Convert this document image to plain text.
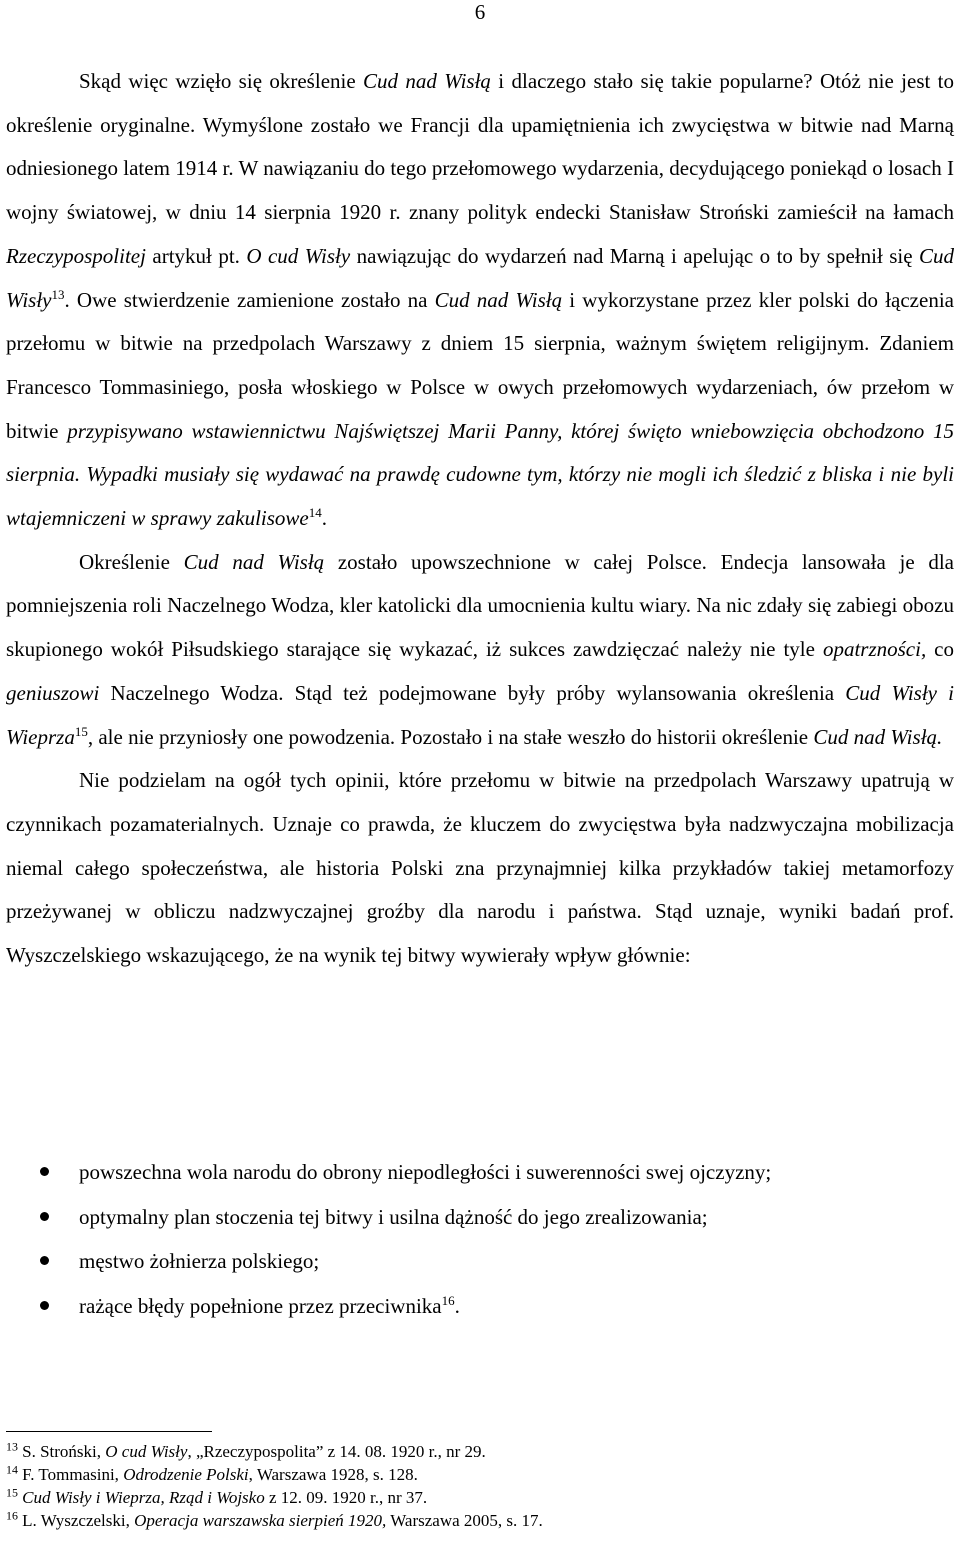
6

Skąd więc wzięło się określenie Cud nad Wisłą i dlaczego stało się takie popularne? Otóż nie jest to określenie oryginalne. Wymyślone zostało we Francji dla upamiętnienia ich zwycięstwa w bitwie nad Marną odniesionego latem 1914 r. W nawiązaniu do tego przełomowego wydarzenia, decydującego poniekąd o losach I wojny światowej, w dniu 14 sierpnia 1920 r. znany polityk endecki Stanisław Stroński zamieścił na łamach Rzeczypospolitej artykuł pt. O cud Wisły nawiązując do wydarzeń nad Marną i apelując o to by spełnił się Cud Wisły$^{13}$. Owe stwierdzenie zamienione zostało na Cud nad Wisłą i wykorzystane przez kler polski do łączenia przełomu w bitwie na przedpolach Warszawy z dniem 15 sierpnia, ważnym świętem religijnym. Zdaniem Francesco Tommasiniego, posła włoskiego w Polsce w owych przełomowych wydarzeniach, ów przełom w bitwie przypisywano wstawiennictwu Najświętszej Marii Panny, której święto wniebowzięcia obchodzono 15 sierpnia. Wypadki musiały się wydawać na prawdę cudowne tym, którzy nie mogli ich śledzić z bliska i nie byli wtajemniczeni w sprawy zakulisowe$^{14}$.

Określenie Cud nad Wisłą zostało upowszechnione w całej Polsce. Endecja lansowała je dla pomniejszenia roli Naczelnego Wodza, kler katolicki dla umocnienia kultu wiary. Na nic zdały się zabiegi obozu skupionego wokół Piłsudskiego starające się wykazać, iż sukces zawdzięczać należy nie tyle opatrzności, co geniuszowi Naczelnego Wodza. Stąd też podejmowane były próby wylansowania określenia Cud Wisły i Wieprza$^{15}$, ale nie przyniosły one powodzenia. Pozostało i na stałe weszło do historii określenie Cud nad Wisłą.

Nie podzielam na ogół tych opinii, które przełomu w bitwie na przedpolach Warszawy upatrują w czynnikach pozamaterialnych. Uznaje co prawda, że kluczem do zwycięstwa była nadzwyczajna mobilizacja niemal całego społeczeństwa, ale historia Polski zna przynajmniej kilka przykładów takiej metamorfozy przeżywanej w obliczu nadzwyczajnej groźby dla narodu i państwa. Stąd uznaje, wyniki badań prof. Wyszczelskiego wskazującego, że na wynik tej bitwy wywierały wpływ głównie:

powszechna wola narodu do obrony niepodległości i suwerenności swej ojczyzny;
optymalny plan stoczenia tej bitwy i usilna dążność do jego zrealizowania;
męstwo żołnierza polskiego;
rażące błędy popełnione przez przeciwnika$^{16}$.
$^{13}$ S. Stroński, O cud Wisły, „Rzeczypospolita” z 14. 08. 1920 r., nr 29.
$^{14}$ F. Tommasini, Odrodzenie Polski, Warszawa 1928, s. 128.
$^{15}$ Cud Wisły i Wieprza, Rząd i Wojsko z 12. 09. 1920 r., nr 37.
$^{16}$ L. Wyszczelski, Operacja warszawska sierpień 1920, Warszawa 2005, s. 17.
